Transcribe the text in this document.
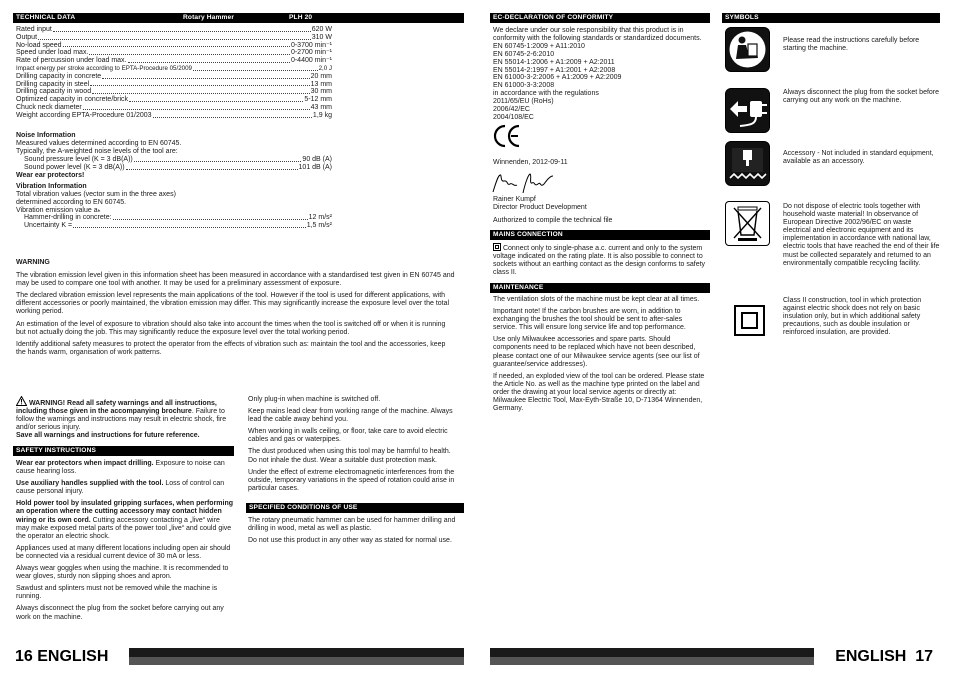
TECHNICAL DATA	Rotary Hammer	PLH 20
Rated input	620 W
Output	310 W
No-load speed	0-3700 min⁻¹
Speed under load max.	0-2700 min⁻¹
Rate of percussion under load max.	0-4400 min⁻¹
Impact energy per stroke according to EPTA-Procedure 05/2009	2,0 J
Drilling capacity in concrete	20 mm
Drilling capacity in steel	13 mm
Drilling capacity in wood	30 mm
Optimized capacity in concrete/brick	5-12 mm
Chuck neck diameter	43 mm
Weight according EPTA-Procedure 01/2003	1,9 kg
Noise Information
Measured values determined according to EN 60745.
Typically, the A-weighted noise levels of the tool are:
Sound pressure level (K = 3 dB(A))	90 dB (A)
Sound power level (K = 3 dB(A))	101 dB (A)
Wear ear protectors!
Vibration Information
Total vibration values (vector sum in the three axes)
determined according to EN 60745.
Vibration emission value aₕ
Hammer-drilling in concrete:	12 m/s²
Uncertainty K =	1,5 m/s²

WARNING

The vibration emission level given in this information sheet has been measured in accordance with a standardised test given in EN 60745 and may be used to compare one tool with another. It may be used for a preliminary assessment of exposure.

The declared vibration emission level represents the main applications of the tool. However if the tool is used for different applications, with different accessories or poorly maintained, the vibration emission may differ. This may significantly increase the exposure level over the total working period.

An estimation of the level of exposure to vibration should also take into account the times when the tool is switched off or when it is running but not actually doing the job. This may significantly reduce the exposure level over the total working period.

Identify additional safety measures to protect the operator from the effects of vibration such as: maintain the tool and the accessories, keep the hands warm, organisation of work patterns.

WARNING! Read all safety warnings and all instructions, including those given in the accompanying brochure. Failure to follow the warnings and instructions may result in electric shock, fire and/or serious injury.
Save all warnings and instructions for future reference.

SAFETY INSTRUCTIONS

Wear ear protectors when impact drilling. Exposure to noise can cause hearing loss.

Use auxiliary handles supplied with the tool. Loss of control can cause personal injury.

Hold power tool by insulated gripping surfaces, when performing an operation where the cutting accessory may contact hidden wiring or its own cord. Cutting accessory contacting a „live“ wire may make exposed metal parts of the power tool „live“ and could give the operator an electric shock.

Appliances used at many different locations including open air should be connected via a residual current device of 30 mA or less.

Always wear goggles when using the machine. It is recommended to wear gloves, sturdy non slipping shoes and apron.

Sawdust and splinters must not be removed while the machine is running.

Always disconnect the plug from the socket before carrying out any work on the machine.

Only plug-in when machine is switched off.

Keep mains lead clear from working range of the machine. Always lead the cable away behind you.

When working in walls ceiling, or floor, take care to avoid electric cables and gas or waterpipes.

The dust produced when using this tool may be harmful to health. Do not inhale the dust. Wear a suitable dust protection mask.

Under the effect of extreme electromagnetic interferences from the outside, temporary variations in the speed of rotation could arise in particular cases.

SPECIFIED CONDITIONS OF USE

The rotary pneumatic hammer can be used for hammer drilling and drilling in wood, metal as well as plastic.

Do not use this product in any other way as stated for normal use.

16 ENGLISH
EC-DECLARATION OF CONFORMITY

We declare under our sole responsibility that this product is in conformity with the following standards or standardized documents.

EN 60745-1:2009 + A11:2010
EN 60745-2-6:2010
EN 55014-1:2006 + A1:2009 + A2:2011
EN 55014-2:1997 + A1:2001 + A2:2008
EN 61000-3-2:2006 + A1:2009 + A2:2009
EN 61000-3-3:2008
in accordance with the regulations
2011/65/EU (RoHs)
2006/42/EC
2004/108/EC
Winnenden, 2012-09-11
Rainer Kumpf
Director Product Development
Authorized to compile the technical file
MAINS CONNECTION
Connect only to single-phase a.c. current and only to the system voltage indicated on the rating plate. It is also possible to connect to sockets without an earthing contact as the design conforms to safety class II.
MAINTENANCE

The ventilation slots of the machine must be kept clear at all times.

Important note! If the carbon brushes are worn, in addition to exchanging the brushes the tool should be sent to after-sales service. This will ensure long service life and top performance.

Use only Milwaukee accessories and spare parts. Should components need to be replaced which have not been described, please contact one of our Milwaukee service agents (see our list of guarantee/service addresses).

If needed, an exploded view of the tool can be ordered. Please state the Article No. as well as the machine type printed on the label and order the drawing at your local service agents or directly at: Milwaukee Electric Tool, Max-Eyth-Straße 10, D-71364 Winnenden, Germany.

SYMBOLS
Please read the instructions carefully before starting the machine.
Always disconnect the plug from the socket before carrying out any work on the machine.
Accessory - Not included in standard equipment, available as an accessory.
Do not dispose of electric tools together with household waste material! In observance of European Directive 2002/96/EC on waste electrical and electronic equipment and its implementation in accordance with national law, electric tools that have reached the end of their life must be collected separately and returned to an environmentally compatible recycling facility.
Class II construction, tool in which protection against electric shock does not rely on basic insulation only, but in which additional safety precautions, such as double insulation or reinforced insulation, are provided.
ENGLISH 17
